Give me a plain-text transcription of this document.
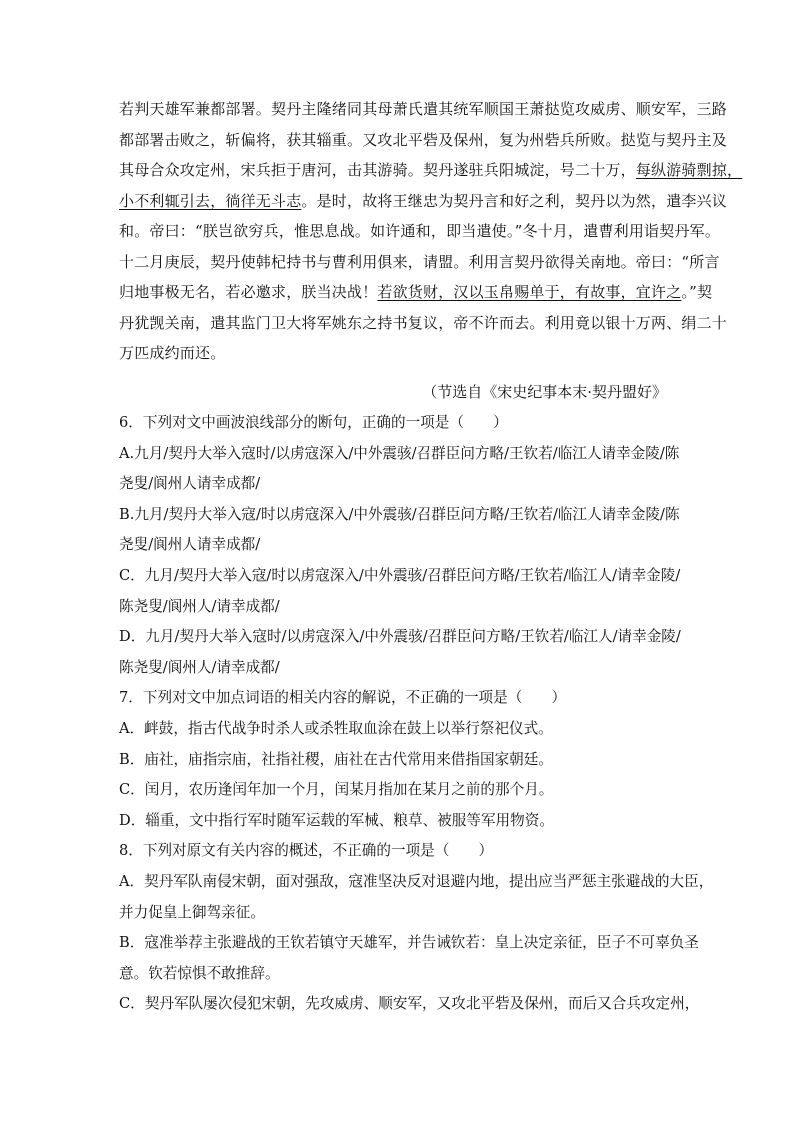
若判天雄军兼都部署。契丹主隆绪同其母萧氏遣其统军顺国王萧挞览攻威虏、顺安军，三路
都部署击败之，斩偏将，获其辎重。又攻北平砦及保州，复为州砦兵所败。挞览与契丹主及
其母合众攻定州，宋兵拒于唐河，击其游骑。契丹遂驻兵阳城淀，号二十万，每纵游骑剽掠，
小不利辄引去，徜徉无斗志。是时，故将王继忠为契丹言和好之利，契丹以为然，遣李兴议
和。帝曰：“朕岂欲穷兵，惟思息战。如许通和，即当遣使。”冬十月，遣曹利用诣契丹军。
十二月庚辰，契丹使韩杞持书与曹利用俱来，请盟。利用言契丹欲得关南地。帝曰：“所言
归地事极无名，若必邀求，朕当决战！若欲货财，汉以玉帛赐单于，有故事，宜许之。”契
丹犹觊关南，遣其监门卫大将军姚东之持书复议，帝不许而去。利用竟以银十万两、绢二十
万匹成约而还。
（节选自《宋史纪事本末·契丹盟好》
6．下列对文中画波浪线部分的断句，正确的一项是（　　）
A.九月/契丹大举入寇时/以虏寇深入/中外震骇/召群臣问方略/王钦若/临江人请幸金陵/陈
尧叟/阆州人请幸成都/
B.九月/契丹大举入寇/时以虏寇深入/中外震骇/召群臣问方略/王钦若/临江人请幸金陵/陈
尧叟/阆州人请幸成都/
C．九月/契丹大举入寇/时以虏寇深入/中外震骇/召群臣问方略/王钦若/临江人/请幸金陵/
陈尧叟/阆州人/请幸成都/
D．九月/契丹大举入寇时/以虏寇深入/中外震骇/召群臣问方略/王钦若/临江人/请幸金陵/
陈尧叟/阆州人/请幸成都/
7．下列对文中加点词语的相关内容的解说，不正确的一项是（　　）
A．衅鼓，指古代战争时杀人或杀牲取血涂在鼓上以举行祭祀仪式。
B．庙社，庙指宗庙，社指社稷，庙社在古代常用来借指国家朝廷。
C．闰月，农历逢闰年加一个月，闰某月指加在某月之前的那个月。
D．辎重，文中指行军时随军运载的军械、粮草、被服等军用物资。
8．下列对原文有关内容的概述，不正确的一项是（　　）
A．契丹军队南侵宋朝，面对强敌，寇准坚决反对退避内地，提出应当严惩主张避战的大臣，
并力促皇上御驾亲征。
B．寇准举荐主张避战的王钦若镇守天雄军，并告诫钦若：皇上决定亲征，臣子不可辜负圣
意。钦若惊惧不敢推辞。
C．契丹军队屡次侵犯宋朝，先攻威虏、顺安军，又攻北平砦及保州，而后又合兵攻定州，
